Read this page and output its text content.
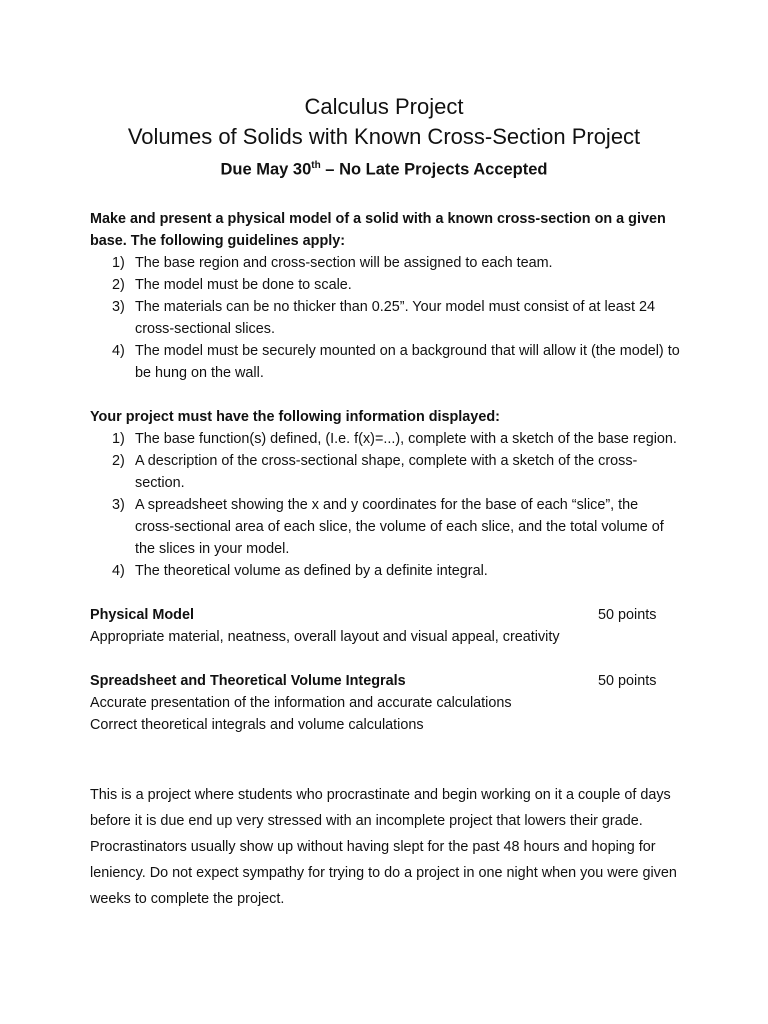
Calculus Project
Volumes of Solids with Known Cross-Section Project
Due May 30th – No Late Projects Accepted

Make and present a physical model of a solid with a known cross-section on a given base. The following guidelines apply:

1) The base region and cross-section will be assigned to each team.
2) The model must be done to scale.
3) The materials can be no thicker than 0.25”. Your model must consist of at least 24 cross-sectional slices.
4) The model must be securely mounted on a background that will allow it (the model) to be hung on the wall.

Your project must have the following information displayed:

1) The base function(s) defined, (I.e. f(x)=...), complete with a sketch of the base region.
2) A description of the cross-sectional shape, complete with a sketch of the cross-section.
3) A spreadsheet showing the x and y coordinates for the base of each “slice”, the cross-sectional area of each slice, the volume of each slice, and the total volume of the slices in your model.
4) The theoretical volume as defined by a definite integral.
Physical Model	50 points
Appropriate material, neatness, overall layout and visual appeal, creativity
Spreadsheet and Theoretical Volume Integrals	50 points
Accurate presentation of the information and accurate calculations
Correct theoretical integrals and volume calculations

This is a project where students who procrastinate and begin working on it a couple of days before it is due end up very stressed with an incomplete project that lowers their grade. Procrastinators usually show up without having slept for the past 48 hours and hoping for leniency. Do not expect sympathy for trying to do a project in one night when you were given weeks to complete the project.
